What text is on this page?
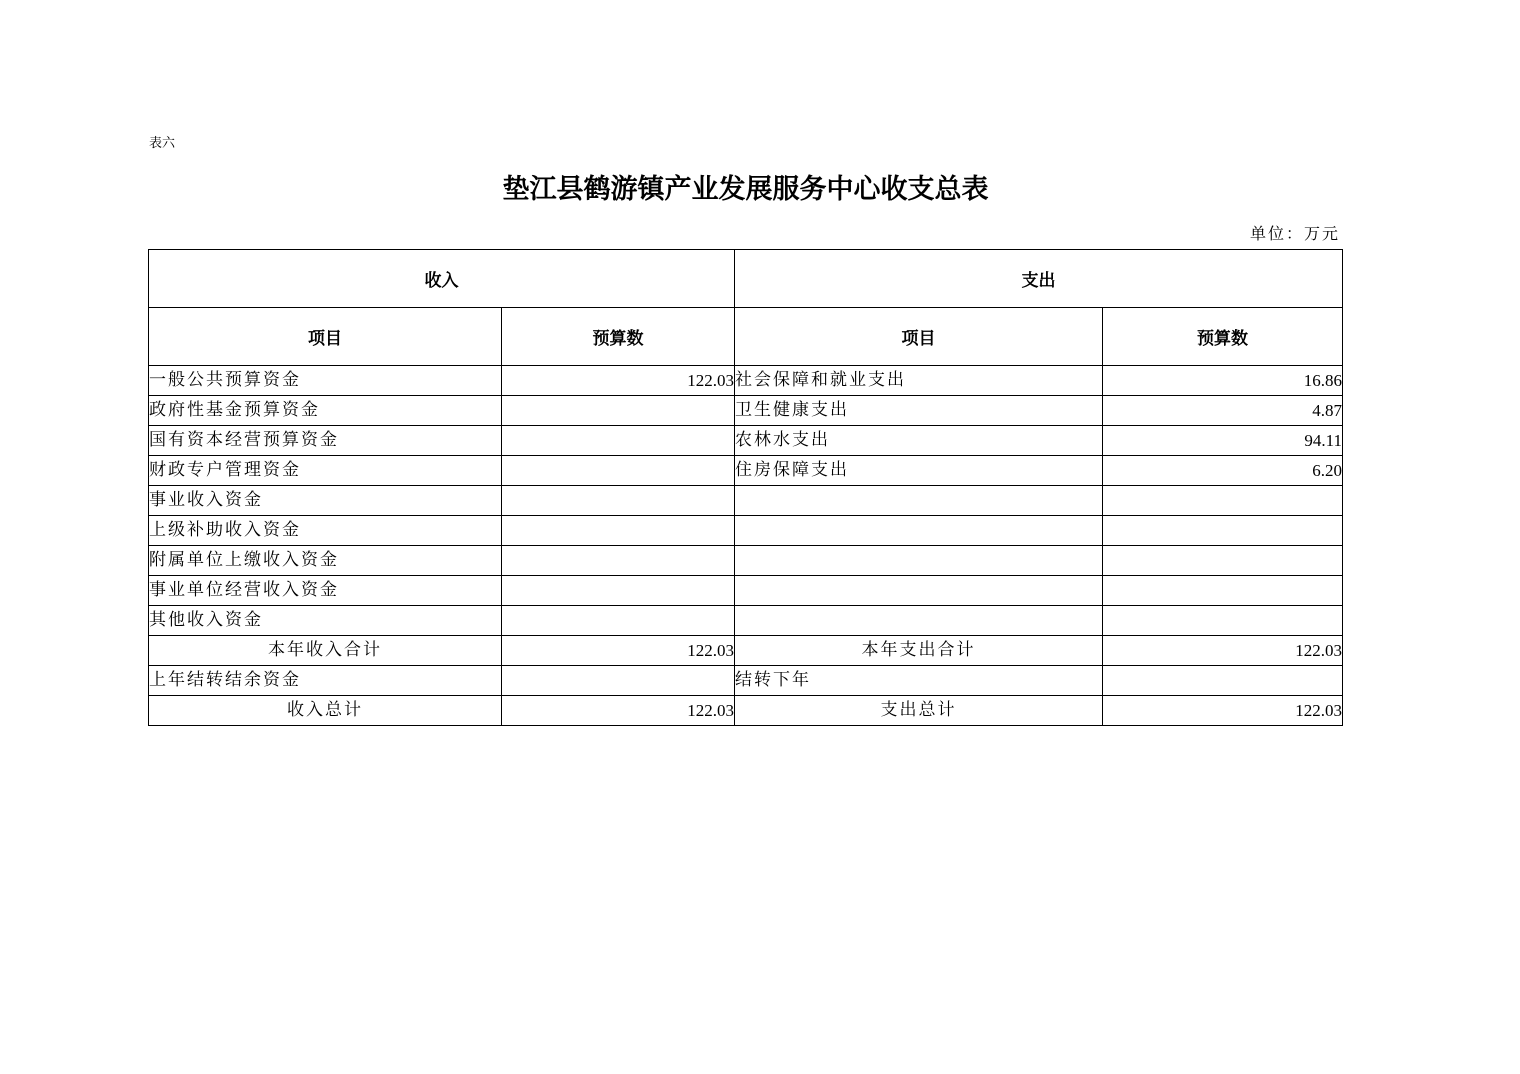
表六
垫江县鹤游镇产业发展服务中心收支总表
单位：万元
收入		支出	
项目	预算数	项目	预算数
一般公共预算资金	122.03	社会保障和就业支出	16.86
政府性基金预算资金		卫生健康支出	4.87
国有资本经营预算资金		农林水支出	94.11
财政专户管理资金		住房保障支出	6.20
事业收入资金			
上级补助收入资金			
附属单位上缴收入资金			
事业单位经营收入资金			
其他收入资金			
本年收入合计	122.03	本年支出合计	122.03
上年结转结余资金		结转下年	
收入总计	122.03	支出总计	122.03
